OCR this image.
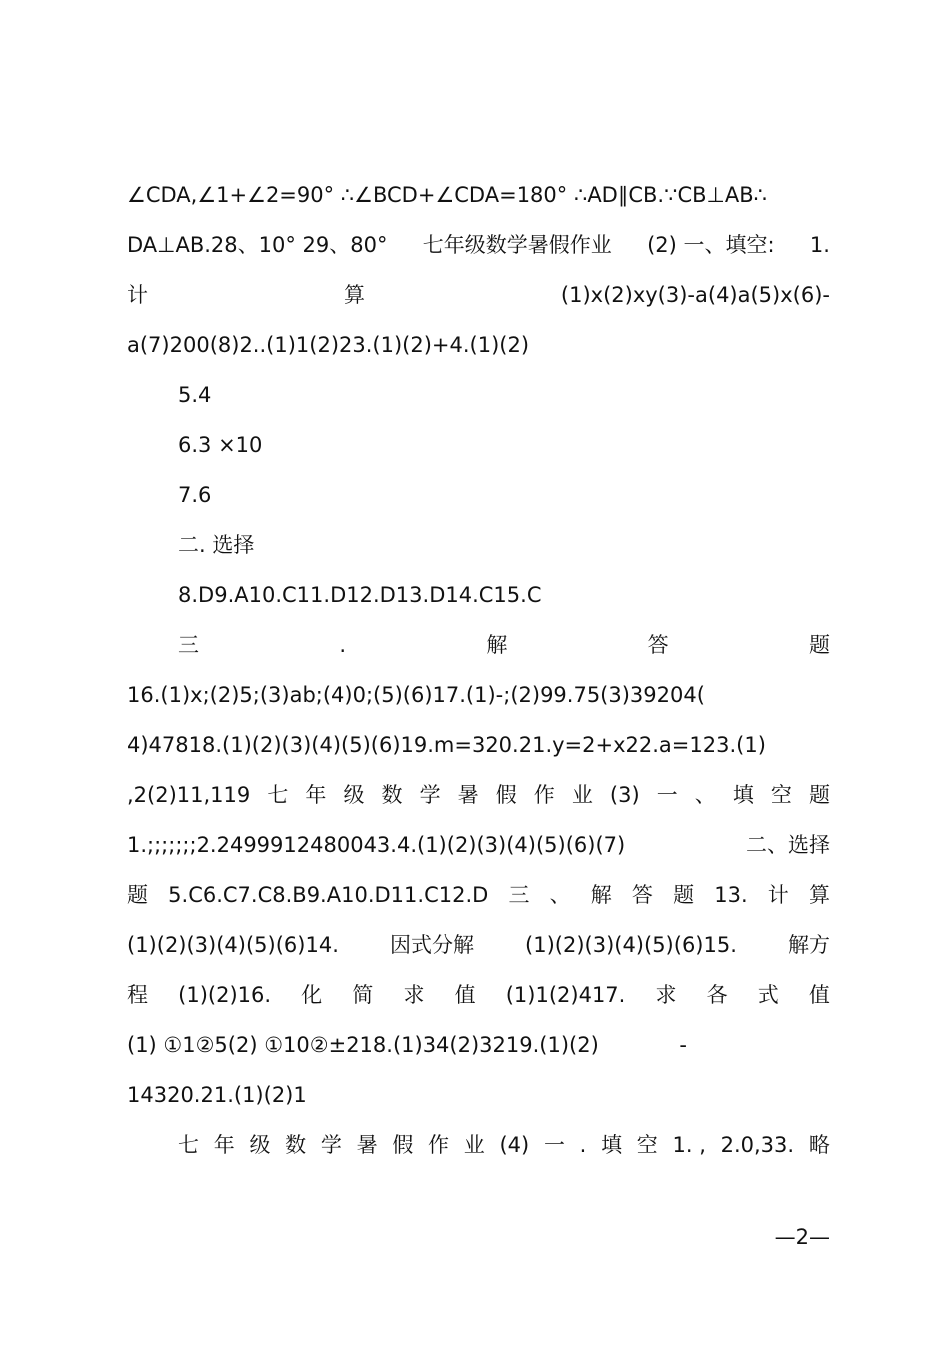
∠CDA,∠1+∠2=90° ∴∠BCD+∠CDA=180° ∴AD∥CB.∵CB⊥AB∴
DA⊥AB.28、10° 29、80° 七年级数学暑假作业 (2) 一、填空: 1.
计	算	(1)x(2)xy(3)-a(4)a(5)x(6)-
a(7)200(8)2..(1)1(2)23.(1)(2)+4.(1)(2)
5.4
6.3 ×10
7.6
二. 选择
8.D9.A10.C11.D12.D13.D14.C15.C
三	.	解	答	题
16.(1)x;(2)5;(3)ab;(4)0;(5)(6)17.(1)-;(2)99.75(3)39204(
4)47818.(1)(2)(3)(4)(5)(6)19.m=320.21.y=2+x22.a=123.(1)
,2(2)11,119 七 年 级 数 学 暑 假 作 业 (3) 一 、 填 空 题
1.;;;;;;;2.2499912480043.4.(1)(2)(3)(4)(5)(6)(7)	二、选择
题 5.C6.C7.C8.B9.A10.D11.C12.D 三 、 解 答 题 13. 计 算
(1)(2)(3)(4)(5)(6)14. 因式分解 (1)(2)(3)(4)(5)(6)15. 解方
程 (1)(2)16. 化 简 求 值 (1)1(2)417. 求 各 式 值
(1) ①1②5(2) ①10②±218.(1)34(2)3219.(1)(2)	-
14320.21.(1)(2)1
七 年 级 数 学 暑 假 作 业 (4) 一 . 填 空 1. , 2.0,33. 略
—2—
